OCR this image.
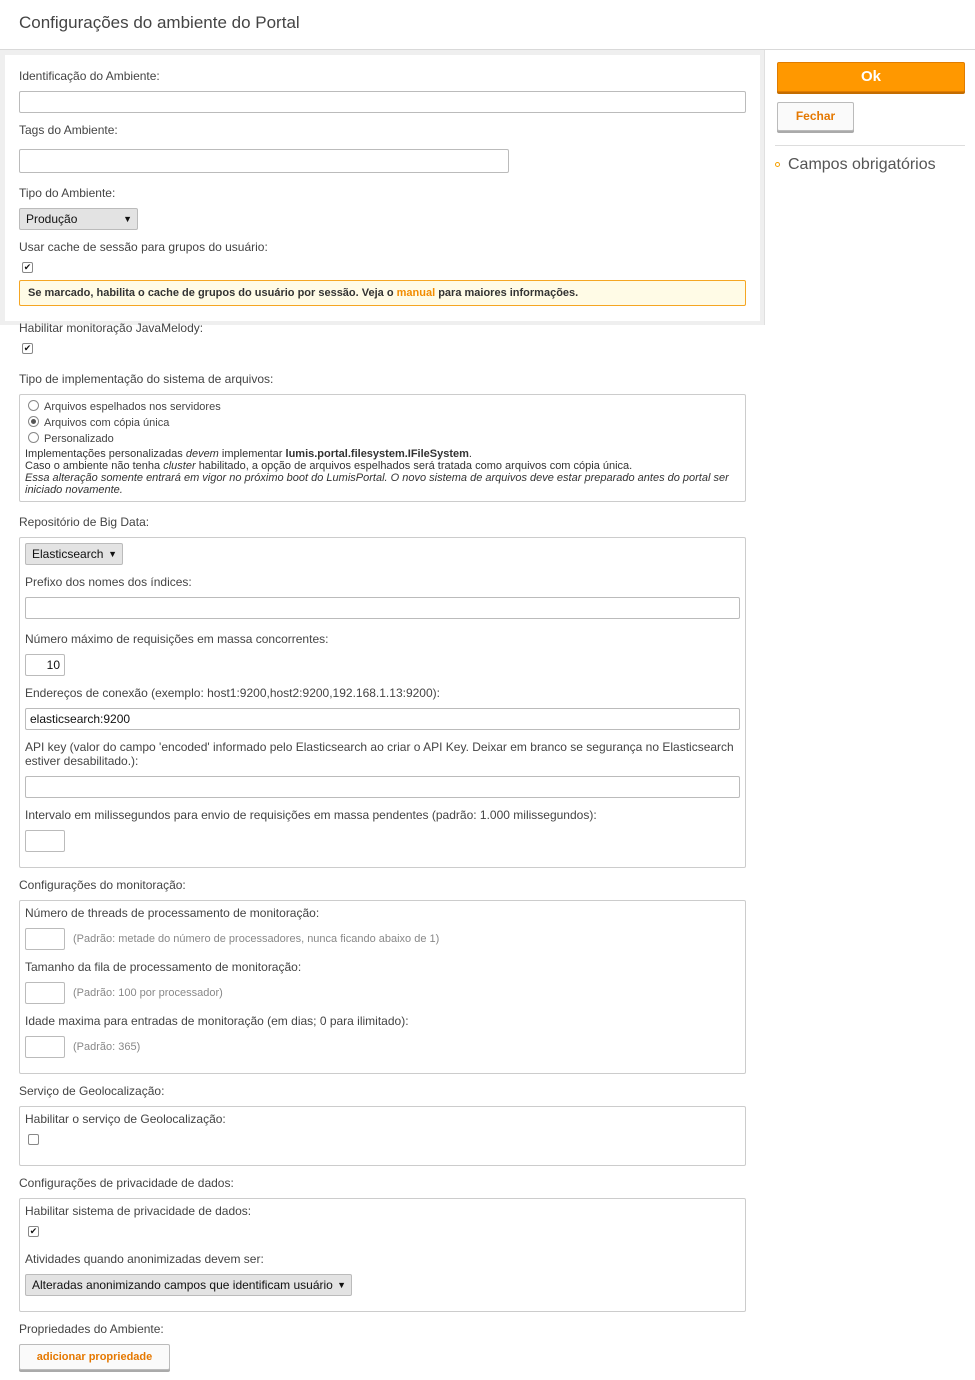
Configurações do ambiente do Portal
Identificação do Ambiente:
Tags do Ambiente:
Tipo do Ambiente:
Produção	▼
Usar cache de sessão para grupos do usuário:
✔
Se marcado, habilita o cache de grupos do usuário por sessão. Veja o manual para maiores informações.
Habilitar monitoração JavaMelody:
✔
Tipo de implementação do sistema de arquivos:
Arquivos espelhados nos servidores
Arquivos com cópia única
Personalizado
Implementações personalizadas devem implementar lumis.portal.filesystem.IFileSystem.
Caso o ambiente não tenha cluster habilitado, a opção de arquivos espelhados será tratada como arquivos com cópia única.
Essa alteração somente entrará em vigor no próximo boot do LumisPortal. O novo sistema de arquivos deve estar preparado antes do portal ser iniciado novamente.
Repositório de Big Data:
Elasticsearch ▼
Prefixo dos nomes dos índices:
Número máximo de requisições em massa concorrentes:
10
Endereços de conexão (exemplo: host1:9200,host2:9200,192.168.1.13:9200):
elasticsearch:9200
API key (valor do campo 'encoded' informado pelo Elasticsearch ao criar o API Key. Deixar em branco se segurança no Elasticsearch estiver desabilitado.):
Intervalo em milissegundos para envio de requisições em massa pendentes (padrão: 1.000 milissegundos):
Configurações do monitoração:
Número de threads de processamento de monitoração:
(Padrão: metade do número de processadores, nunca ficando abaixo de 1)
Tamanho da fila de processamento de monitoração:
(Padrão: 100 por processador)
Idade maxima para entradas de monitoração (em dias; 0 para ilimitado):
(Padrão: 365)
Serviço de Geolocalização:
Habilitar o serviço de Geolocalização:
Configurações de privacidade de dados:
Habilitar sistema de privacidade de dados:
✔
Atividades quando anonimizadas devem ser:
Alteradas anonimizando campos que identificam usuário ▼
Propriedades do Ambiente:
adicionar propriedade
Ok
Fechar
Campos obrigatórios
